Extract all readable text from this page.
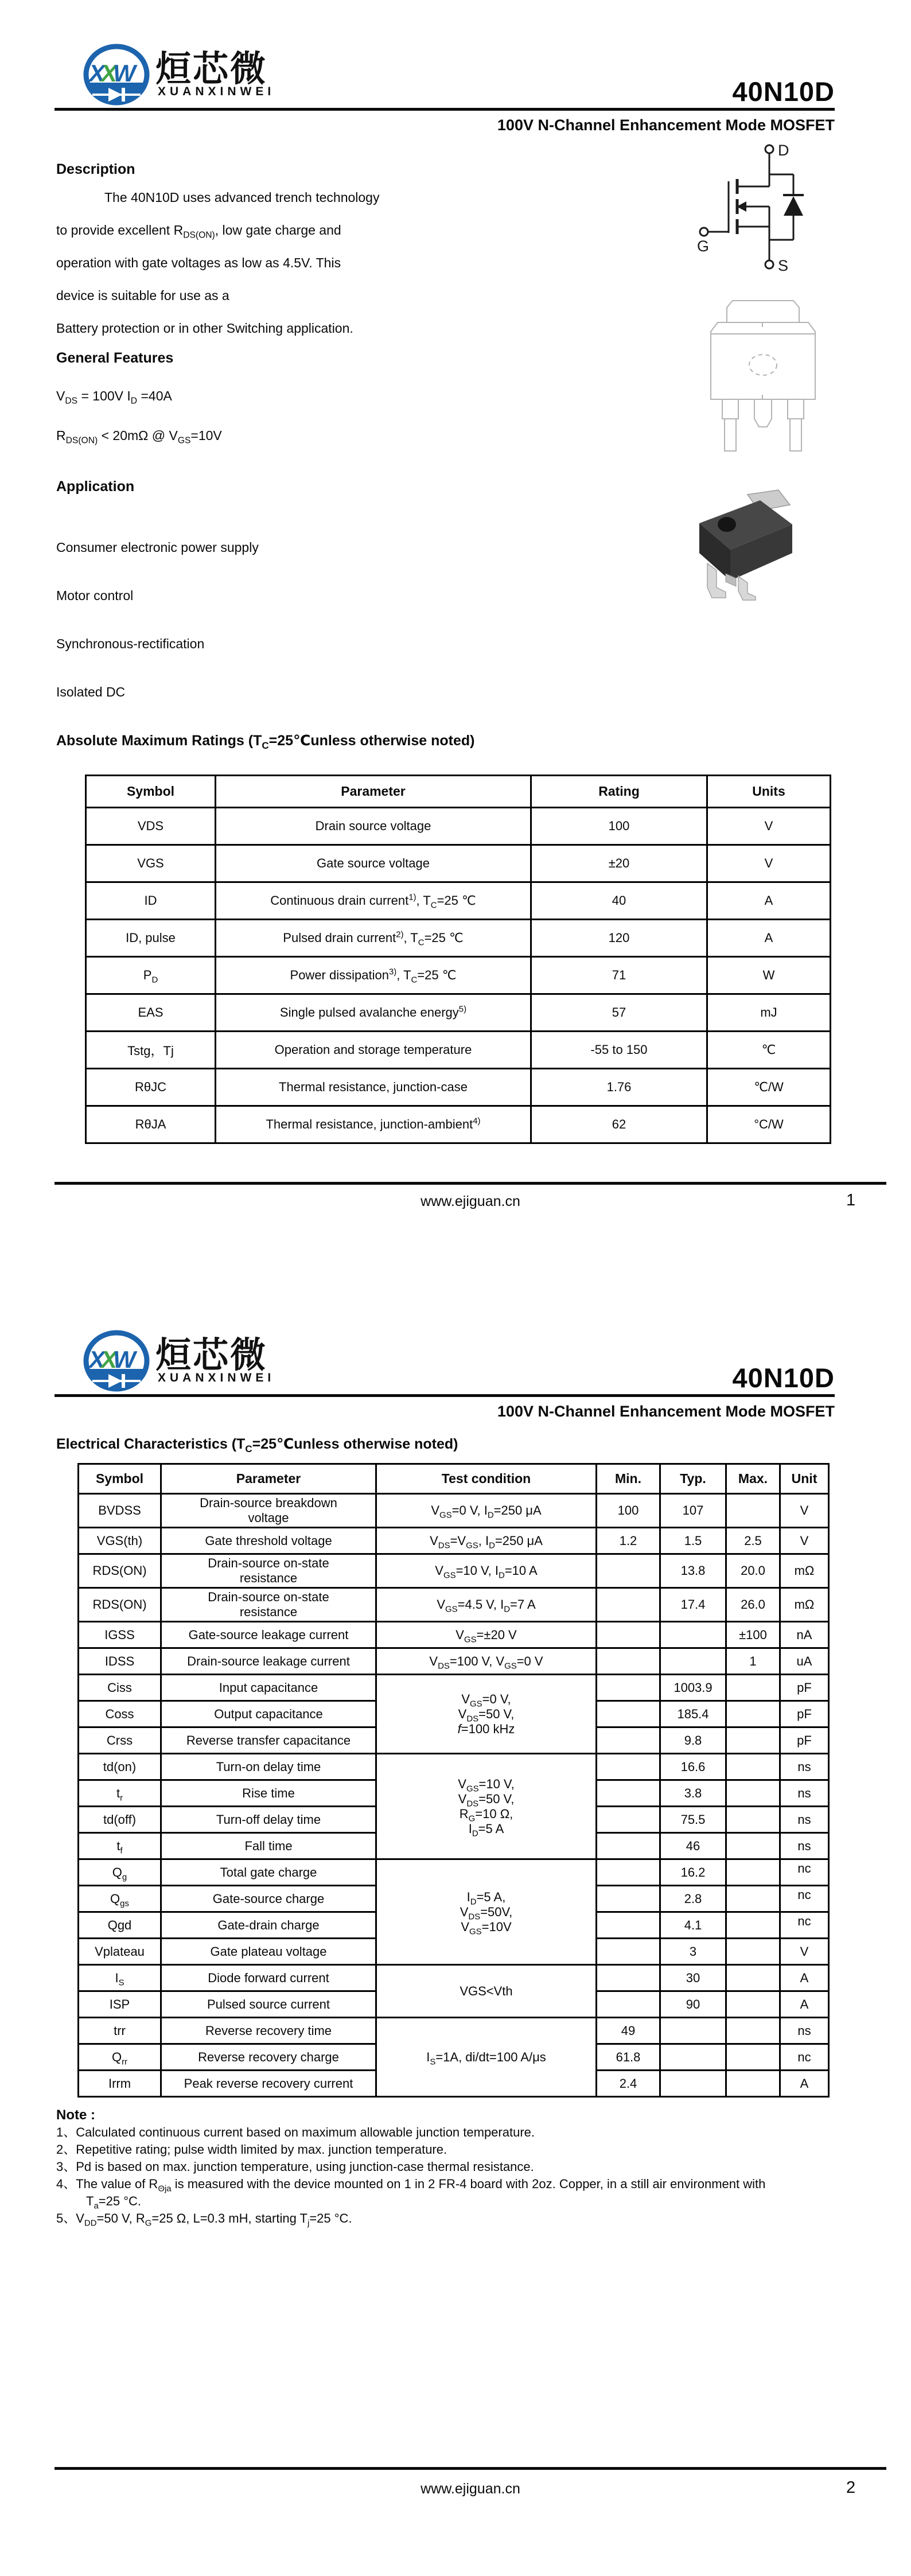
X
X
W 烜芯微
XUANXINWEI	40N10D
100V N-Channel Enhancement Mode MOSFET
Description
The 40N10D uses advanced trench technology
to provide excellent $R_{DS(ON)}$, low gate charge and
operation with gate voltages as low as 4.5V. This
device is suitable for use as a
Battery protection or in other Switching application.
General Features
$V_{DS} = 100V$ $I_D =40A$
$R_{DS(ON)} < 20m\Omega$ @ $V_{GS}=10V$
Application
Consumer electronic power supply
Motor control
Synchronous-rectification
Isolated DC
D
G
S
Absolute Maximum Ratings ($T_C=25℃unless$ otherwise noted)
Symbol	Parameter	Rating	Units
VDS	Drain source voltage	100	V
VGS	Gate source voltage	±20	V
ID	Continuous drain current$^{1)}$, $T_C=25$ ℃	40	A
ID, pulse	Pulsed drain current$^{2)}$, $T_C=25$ ℃	120	A
$P_D$	Power dissipation$^{3)}$, $T_C=25$ ℃	71	W
EAS	Single pulsed avalanche energy$^{5)}$	57	mJ
Tstg，Tj	Operation and storage temperature	-55 to 150	℃
RθJC	Thermal resistance, junction-case	1.76	℃/W
RθJA	Thermal resistance, junction-ambient$^{4)}$	62	°C/W
www.ejiguan.cn	1
X
X
W 烜芯微
XUANXINWEI	40N10D
100V N-Channel Enhancement Mode MOSFET
Electrical Characteristics ($T_C=25℃unless$ otherwise noted)
Symbol	Parameter	Test condition	Min.	Typ.	Max.	Unit
BVDSS	Drain-source breakdown
voltage	$V_{GS}=0$ V, $I_D=250$ μA	100	107		V
VGS(th)	Gate threshold voltage	$V_{DS}=V_{GS}$, $I_D=250$ μA	1.2	1.5	2.5	V
RDS(ON)	Drain-source on-state
resistance	$V_{GS}=10$ V, $I_D=10$ A		13.8	20.0	mΩ
RDS(ON)	Drain-source on-state
resistance	$V_{GS}=4.5$ V, $I_D=7$ A		17.4	26.0	mΩ
IGSS	Gate-source leakage current	$V_{GS}=\pm 20$ V			±100	nA
IDSS	Drain-source leakage current	$V_{DS}=100$ V, $V_{GS}=0$ V			1	uA
Ciss	Input capacitance	$V_{GS}=0$ V,
$V_{DS}=50$ V,
f=100 kHz		1003.9		pF
Coss	Output capacitance			185.4		pF
Crss	Reverse transfer capacitance			9.8		pF
td(on)	Turn-on delay time	$V_{GS}=10$ V,
$V_{DS}=50$ V,
$R_G=10$ Ω,
$I_D=5$ A		16.6		ns
$t_r$	Rise time			3.8		ns
td(off)	Turn-off delay time			75.5		ns
$t_f$	Fall time			46		ns
$Q_g$	Total gate charge	$I_D=5$ A,
$V_{DS}=50V$,
$V_{GS}=10V$		16.2		nc
$Q_{gs}$	Gate-source charge			2.8		nc
Qgd	Gate-drain charge			4.1		nc
Vplateau	Gate plateau voltage			3		V
$I_S$	Diode forward current	VGS<Vth		30		A
ISP	Pulsed source current			90		A
trr	Reverse recovery time	$I_S=1A$, di/dt=100 A/μs	49			ns
$Q_{rr}$	Reverse recovery charge		61.8			nc
Irrm	Peak reverse recovery current		2.4			A
Note :
1、Calculated continuous current based on maximum allowable junction temperature.
2、Repetitive rating; pulse width limited by max. junction temperature.
3、Pd is based on max. junction temperature, using junction-case thermal resistance.
4、The value of $R_{\Theta ja}$ is measured with the device mounted on 1 in 2 FR-4 board with 2oz. Copper, in a still air environment with $T_a=25$ °C.
5、$V_{DD}=50$ V, $R_G=25$ Ω, L=0.3 mH, starting $T_j=25$ °C.
www.ejiguan.cn	2
